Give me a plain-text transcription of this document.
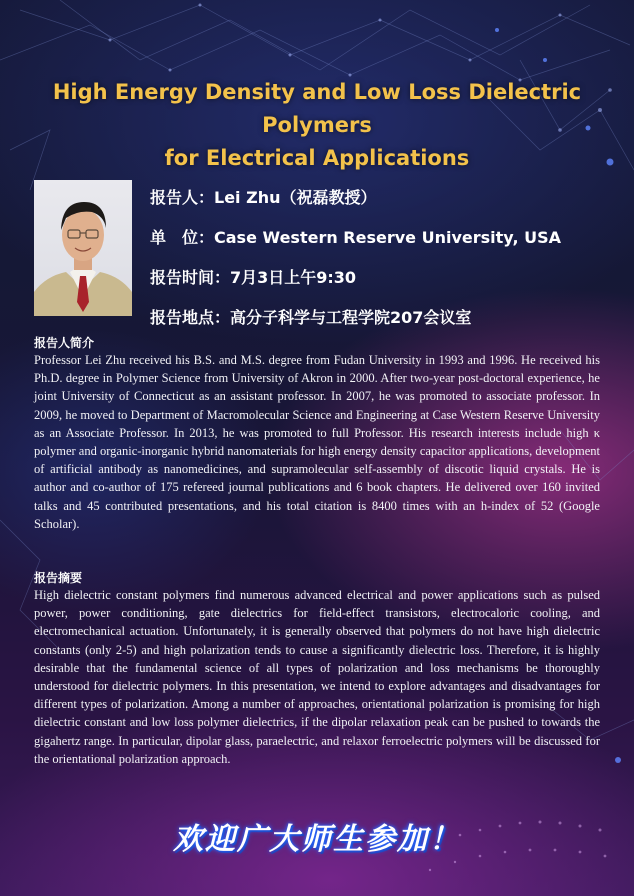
High Energy Density and Low Loss Dielectric Polymers
for Electrical Applications
报告人：Lei Zhu（祝磊教授）
单　位：Case Western Reserve University, USA
报告时间：7月3日上午9:30
报告地点：高分子科学与工程学院207会议室
报告人简介
Professor Lei Zhu received his B.S. and M.S. degree from Fudan University in 1993 and 1996. He received his Ph.D. degree in Polymer Science from University of Akron in 2000. After two-year post-doctoral experience, he joint University of Connecticut as an assistant professor. In 2007, he was promoted to associate professor. In 2009, he moved to Department of Macromolecular Science and Engineering at Case Western Reserve University as an Associate Professor. In 2013, he was promoted to full Professor. His research interests include high κ polymer and organic-inorganic hybrid nanomaterials for high energy density capacitor applications, development of artificial antibody as nanomedicines, and supramolecular self-assembly of discotic liquid crystals. He is author and co-author of 175 refereed journal publications and 6 book chapters. He delivered over 160 invited talks and 45 contributed presentations, and his total citation is 8400 times with an h-index of 52 (Google Scholar).
报告摘要
High dielectric constant polymers find numerous advanced electrical and power applications such as pulsed power, power conditioning, gate dielectrics for field-effect transistors, electrocaloric cooling, and electromechanical actuation. Unfortunately, it is generally observed that polymers do not have high dielectric constants (only 2-5) and high polarization tends to cause a significantly dielectric loss. Therefore, it is highly desirable that the fundamental science of all types of polarization and loss mechanisms be thoroughly understood for dielectric polymers. In this presentation, we intend to explore advantages and disadvantages for different types of polarization. Among a number of approaches, orientational polarization is promising for high dielectric constant and low loss polymer dielectrics, if the dipolar relaxation peak can be pushed to towards the gigahertz range. In particular, dipolar glass, paraelectric, and relaxor ferroelectric polymers will be discussed for the orientational polarization approach.
欢迎广大师生参加！
